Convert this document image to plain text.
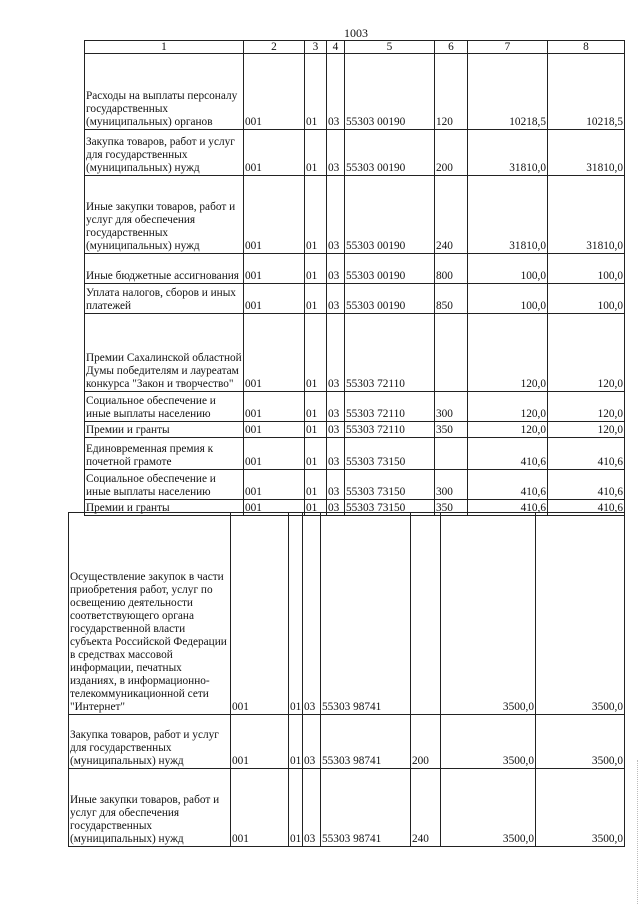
1003
1	2	3	4	5	6	7	8
Расходы на выплаты персоналу государственных (муниципальных) органов	001	01	03	55303 00190	120	10218,5	10218,5
Закупка товаров, работ и услуг для государственных (муниципальных) нужд	001	01	03	55303 00190	200	31810,0	31810,0
Иные закупки товаров, работ и услуг для обеспечения государственных (муниципальных) нужд	001	01	03	55303 00190	240	31810,0	31810,0
Иные бюджетные ассигнования	001	01	03	55303 00190	800	100,0	100,0
Уплата налогов, сборов и иных платежей	001	01	03	55303 00190	850	100,0	100,0
Премии Сахалинской областной Думы победителям и лауреатам конкурса "Закон и творчество"	001	01	03	55303 72110		120,0	120,0
Социальное обеспечение и иные выплаты населению	001	01	03	55303 72110	300	120,0	120,0
Премии и гранты	001	01	03	55303 72110	350	120,0	120,0
Единовременная премия к почетной грамоте	001	01	03	55303 73150		410,6	410,6
Социальное обеспечение и иные выплаты населению	001	01	03	55303 73150	300	410,6	410,6
Премии и гранты	001	01	03	55303 73150	350	410,6	410,6
Осуществление закупок в части приобретения работ, услуг по освещению деятельности соответствующего органа государственной власти субъекта Российской Федерации в средствах массовой информации, печатных изданиях, в информационно-телекоммуникационной сети "Интернет"	001	01	03	55303 98741		3500,0	3500,0
Закупка товаров, работ и услуг для государственных (муниципальных) нужд	001	01	03	55303 98741	200	3500,0	3500,0
Иные закупки товаров, работ и услуг для обеспечения государственных (муниципальных) нужд	001	01	03	55303 98741	240	3500,0	3500,0
